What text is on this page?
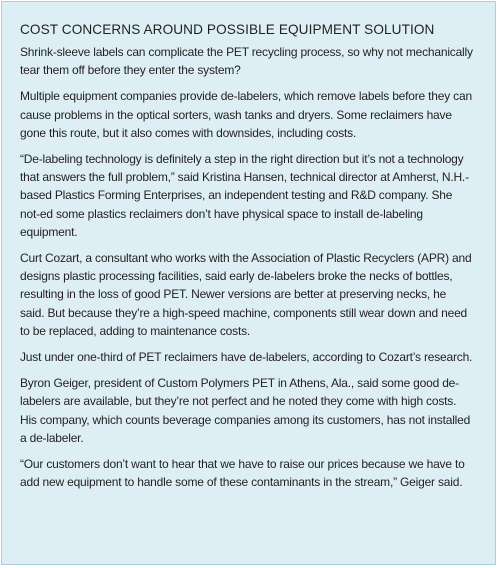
COST CONCERNS AROUND POSSIBLE EQUIPMENT SOLUTION

Shrink-sleeve labels can complicate the PET recycling process, so why not mechanically tear them off before they enter the system?

Multiple equipment companies provide de-labelers, which remove labels before they can cause problems in the optical sorters, wash tanks and dryers. Some reclaimers have gone this route, but it also comes with downsides, including costs.

“De-labeling technology is definitely a step in the right direction but it’s not a technology that answers the full problem,” said Kristina Hansen, technical director at Amherst, N.H.-based Plastics Forming Enterprises, an independent testing and R&D company. She not-ed some plastics reclaimers don’t have physical space to install de-labeling equipment.

Curt Cozart, a consultant who works with the Association of Plastic Recyclers (APR) and designs plastic processing facilities, said early de-labelers broke the necks of bottles, resulting in the loss of good PET. Newer versions are better at preserving necks, he said. But because they’re a high-speed machine, components still wear down and need to be replaced, adding to maintenance costs.

Just under one-third of PET reclaimers have de-labelers, according to Cozart’s research.

Byron Geiger, president of Custom Polymers PET in Athens, Ala., said some good de-labelers are available, but they’re not perfect and he noted they come with high costs. His company, which counts beverage companies among its customers, has not installed a de-labeler.

“Our customers don’t want to hear that we have to raise our prices because we have to add new equipment to handle some of these contaminants in the stream,” Geiger said.
